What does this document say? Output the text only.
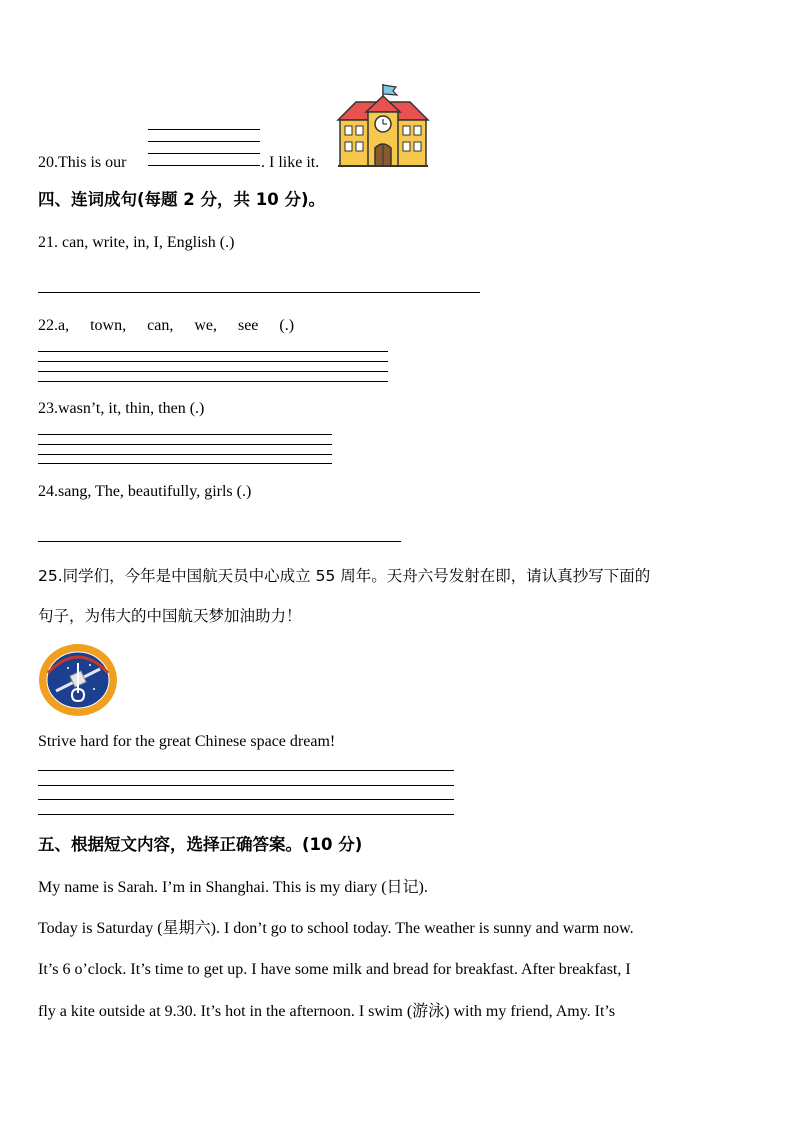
20.This is our	. I like it.
四、连词成句(每题 2 分，共 10 分)。
21. can, write, in, I, English (.)
22.a, town, can, we, see (.)
23.wasn’t, it, thin, then (.)
24.sang, The, beautifully, girls (.)
25.同学们，今年是中国航天员中心成立 55 周年。天舟六号发射在即，请认真抄写下面的
句子，为伟大的中国航天梦加油助力！
Strive hard for the great Chinese space dream!
五、根据短文内容，选择正确答案。(10 分)
My name is Sarah. I’m in Shanghai. This is my diary (日记).
Today is Saturday (星期六). I don’t go to school today. The weather is sunny and warm now.
It’s 6 o’clock. It’s time to get up. I have some milk and bread for breakfast. After breakfast, I
fly a kite outside at 9.30. It’s hot in the afternoon. I swim (游泳) with my friend, Amy. It’s
